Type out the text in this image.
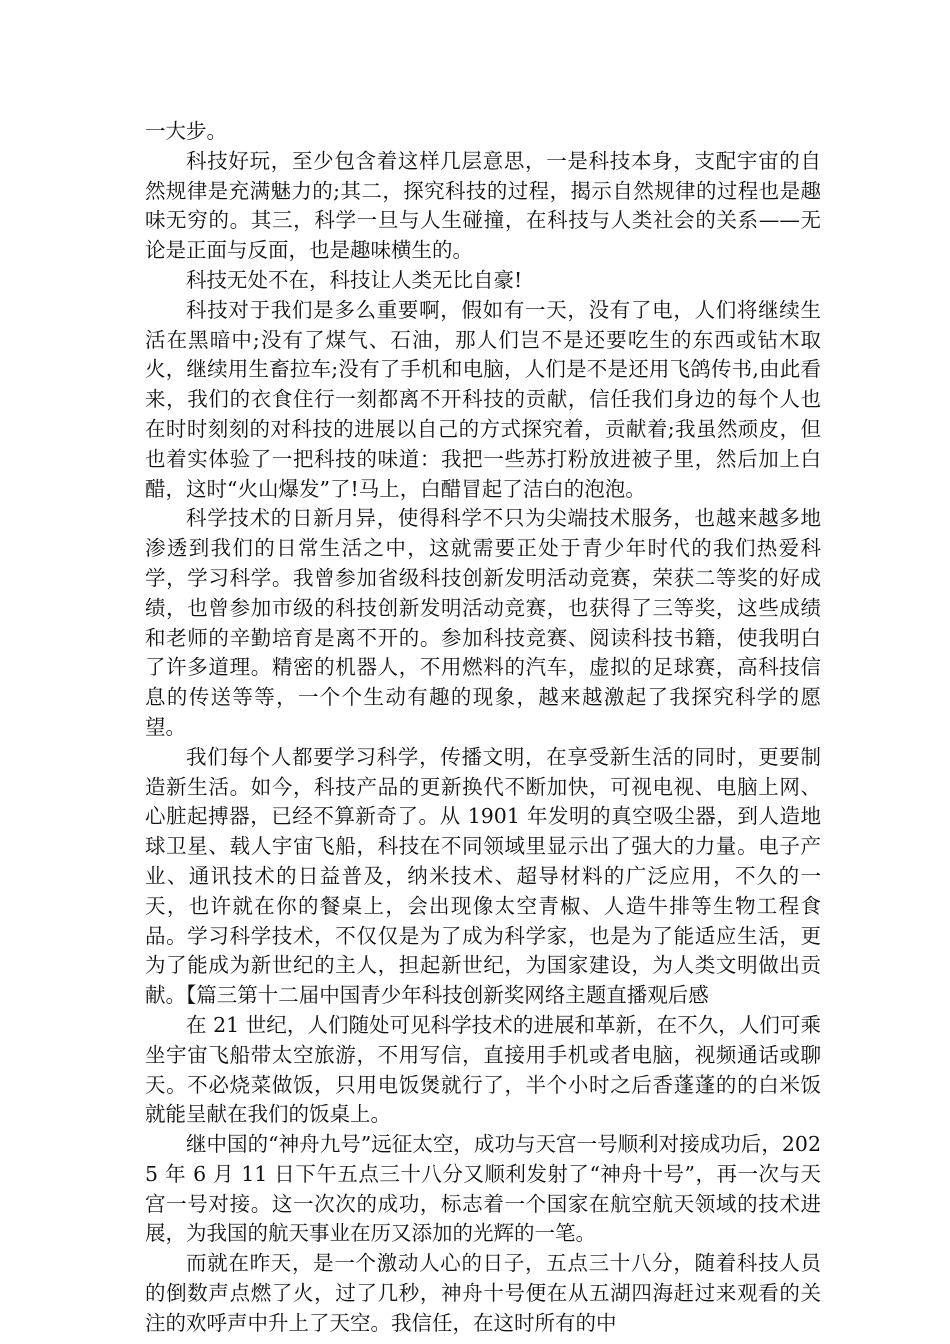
一大步。

科技好玩，至少包含着这样几层意思，一是科技本身，支配宇宙的自然规律是充满魅力的;其二，探究科技的过程，揭示自然规律的过程也是趣味无穷的。其三，科学一旦与人生碰撞，在科技与人类社会的关系——无论是正面与反面，也是趣味横生的。

科技无处不在，科技让人类无比自豪!

科技对于我们是多么重要啊，假如有一天，没有了电，人们将继续生活在黑暗中;没有了煤气、石油，那人们岂不是还要吃生的东西或钻木取火，继续用生畜拉车;没有了手机和电脑，人们是不是还用飞鸽传书,由此看来，我们的衣食住行一刻都离不开科技的贡献，信任我们身边的每个人也在时时刻刻的对科技的进展以自己的方式探究着，贡献着;我虽然顽皮，但也着实体验了一把科技的味道：我把一些苏打粉放进被子里，然后加上白醋，这时“火山爆发”了!马上，白醋冒起了洁白的泡泡。

科学技术的日新月异，使得科学不只为尖端技术服务，也越来越多地渗透到我们的日常生活之中，这就需要正处于青少年时代的我们热爱科学，学习科学。我曾参加省级科技创新发明活动竞赛，荣获二等奖的好成绩，也曾参加市级的科技创新发明活动竞赛，也获得了三等奖，这些成绩和老师的辛勤培育是离不开的。参加科技竞赛、阅读科技书籍，使我明白了许多道理。精密的机器人，不用燃料的汽车，虚拟的足球赛，高科技信息的传送等等，一个个生动有趣的现象，越来越激起了我探究科学的愿望。

我们每个人都要学习科学，传播文明，在享受新生活的同时，更要制造新生活。如今，科技产品的更新换代不断加快，可视电视、电脑上网、心脏起搏器，已经不算新奇了。从 1901 年发明的真空吸尘器，到人造地球卫星、载人宇宙飞船，科技在不同领域里显示出了强大的力量。电子产业、通讯技术的日益普及，纳米技术、超导材料的广泛应用，不久的一天，也许就在你的餐桌上，会出现像太空青椒、人造牛排等生物工程食品。学习科学技术，不仅仅是为了成为科学家，也是为了能适应生活，更为了能成为新世纪的主人，担起新世纪，为国家建设，为人类文明做出贡献。【篇三第十二届中国青少年科技创新奖网络主题直播观后感

在 21 世纪，人们随处可见科学技术的进展和革新，在不久，人们可乘坐宇宙飞船带太空旅游，不用写信，直接用手机或者电脑，视频通话或聊天。不必烧菜做饭，只用电饭煲就行了，半个小时之后香蓬蓬的的白米饭就能呈献在我们的饭桌上。

继中国的“神舟九号”远征太空，成功与天宫一号顺利对接成功后，2025 年 6 月 11 日下午五点三十八分又顺利发射了“神舟十号”，再一次与天宫一号对接。这一次次的成功，标志着一个国家在航空航天领域的技术进展，为我国的航天事业在历又添加的光辉的一笔。

而就在昨天，是一个激动人心的日子，五点三十八分，随着科技人员的倒数声点燃了火，过了几秒，神舟十号便在从五湖四海赶过来观看的关注的欢呼声中升上了天空。我信任，在这时所有的中
